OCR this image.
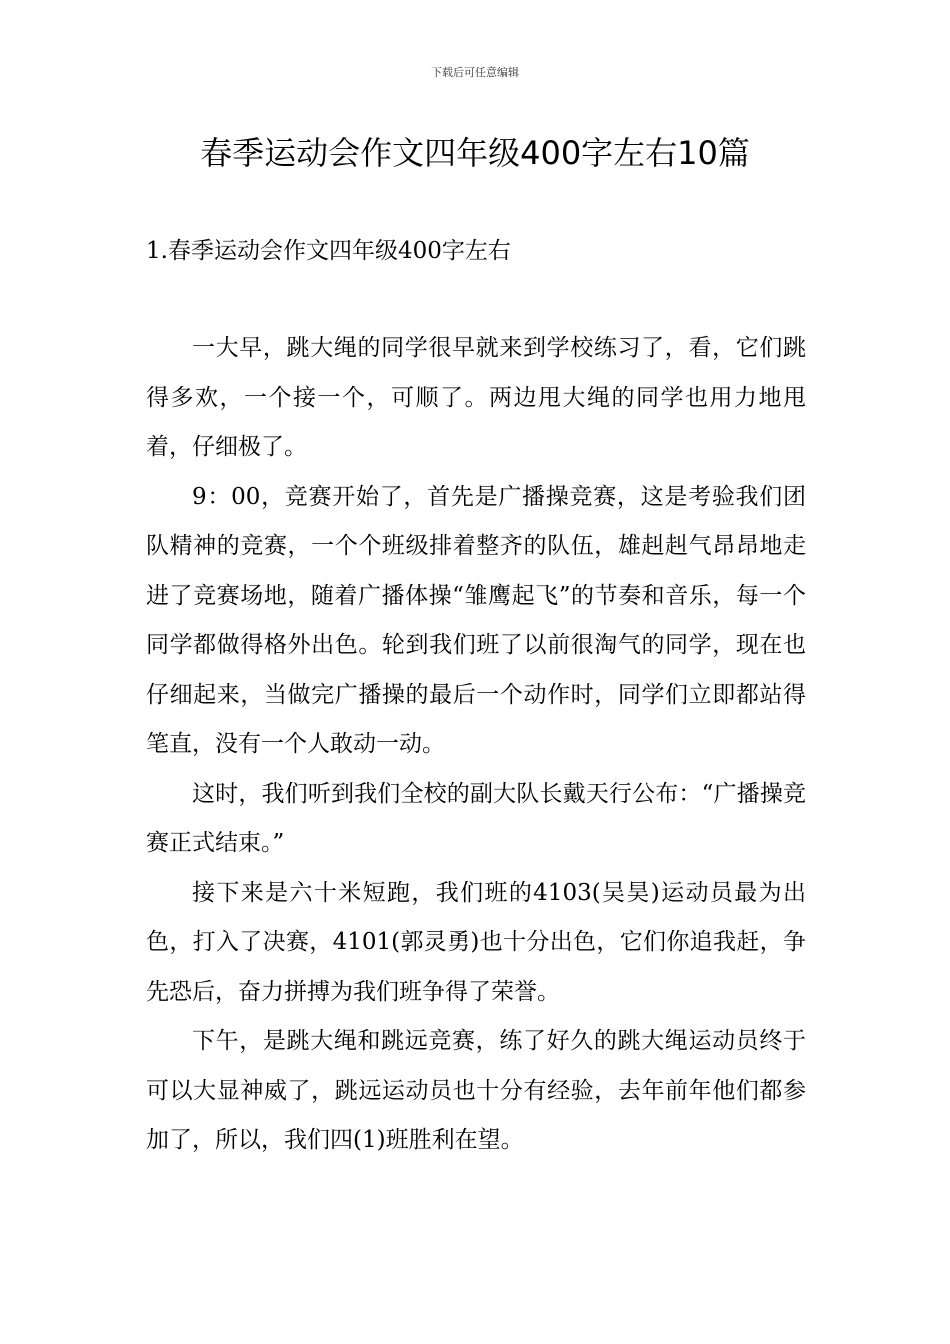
下载后可任意编辑
春季运动会作文四年级400字左右10篇
1.春季运动会作文四年级400字左右

一大早，跳大绳的同学很早就来到学校练习了，看，它们跳得多欢，一个接一个，可顺了。两边甩大绳的同学也用力地甩着，仔细极了。

9：00，竞赛开始了，首先是广播操竞赛，这是考验我们团队精神的竞赛，一个个班级排着整齐的队伍，雄赳赳气昂昂地走进了竞赛场地，随着广播体操“雏鹰起飞”的节奏和音乐，每一个同学都做得格外出色。轮到我们班了以前很淘气的同学，现在也仔细起来，当做完广播操的最后一个动作时，同学们立即都站得笔直，没有一个人敢动一动。

这时，我们听到我们全校的副大队长戴天行公布：“广播操竞赛正式结束。”

接下来是六十米短跑，我们班的4103(吴昊)运动员最为出色，打入了决赛，4101(郭灵勇)也十分出色，它们你追我赶，争先恐后，奋力拼搏为我们班争得了荣誉。

下午，是跳大绳和跳远竞赛，练了好久的跳大绳运动员终于可以大显神威了，跳远运动员也十分有经验，去年前年他们都参加了，所以，我们四(1)班胜利在望。
